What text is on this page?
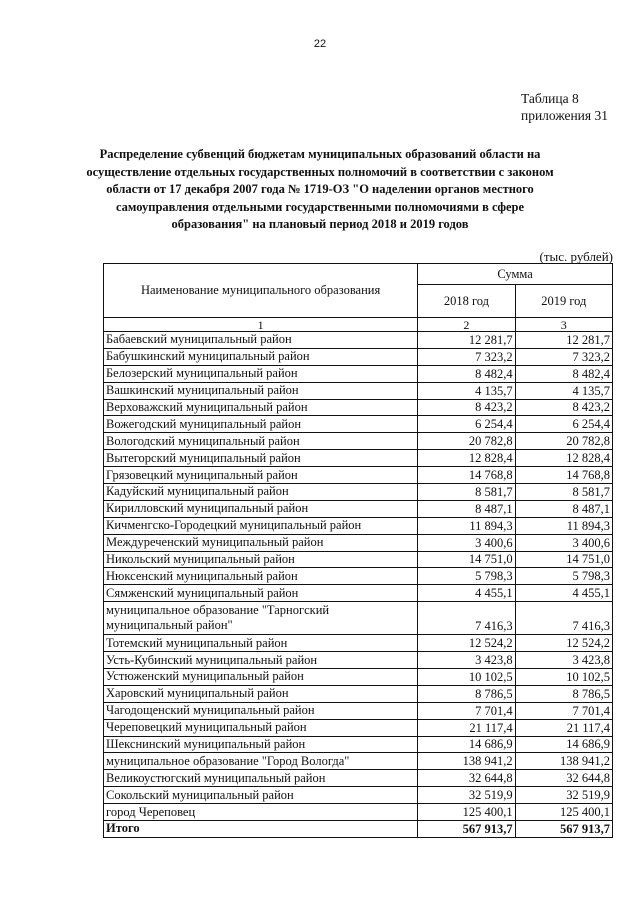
22
Таблица 8
приложения 31
Распределение субвенций бюджетам муниципальных образований области на осуществление отдельных государственных полномочий в соответствии с законом области от 17 декабря 2007 года № 1719-ОЗ "О наделении органов местного самоуправления отдельными государственными полномочиями в сфере образования" на плановый период 2018 и 2019 годов
(тыс. рублей)
Наименование муниципального образования	Сумма	
	2018 год	2019 год
1	2	3
Бабаевский муниципальный район	12 281,7	12 281,7
Бабушкинский муниципальный район	7 323,2	7 323,2
Белозерский муниципальный район	8 482,4	8 482,4
Вашкинский муниципальный район	4 135,7	4 135,7
Верховажский муниципальный район	8 423,2	8 423,2
Вожегодский муниципальный район	6 254,4	6 254,4
Вологодский муниципальный район	20 782,8	20 782,8
Вытегорский муниципальный район	12 828,4	12 828,4
Грязовецкий муниципальный район	14 768,8	14 768,8
Кадуйский муниципальный район	8 581,7	8 581,7
Кирилловский муниципальный район	8 487,1	8 487,1
Кичменгско-Городецкий муниципальный район	11 894,3	11 894,3
Междуреченский муниципальный район	3 400,6	3 400,6
Никольский муниципальный район	14 751,0	14 751,0
Нюксенский муниципальный район	5 798,3	5 798,3
Сямженский муниципальный район	4 455,1	4 455,1
муниципальное образование "Тарногский муниципальный район"	7 416,3	7 416,3
Тотемский муниципальный район	12 524,2	12 524,2
Усть-Кубинский муниципальный район	3 423,8	3 423,8
Устюженский муниципальный район	10 102,5	10 102,5
Харовский муниципальный район	8 786,5	8 786,5
Чагодощенский муниципальный район	7 701,4	7 701,4
Череповецкий муниципальный район	21 117,4	21 117,4
Шекснинский муниципальный район	14 686,9	14 686,9
муниципальное образование "Город Вологда"	138 941,2	138 941,2
Великоустюгский муниципальный район	32 644,8	32 644,8
Сокольский муниципальный район	32 519,9	32 519,9
город Череповец	125 400,1	125 400,1
Итого	567 913,7	567 913,7
